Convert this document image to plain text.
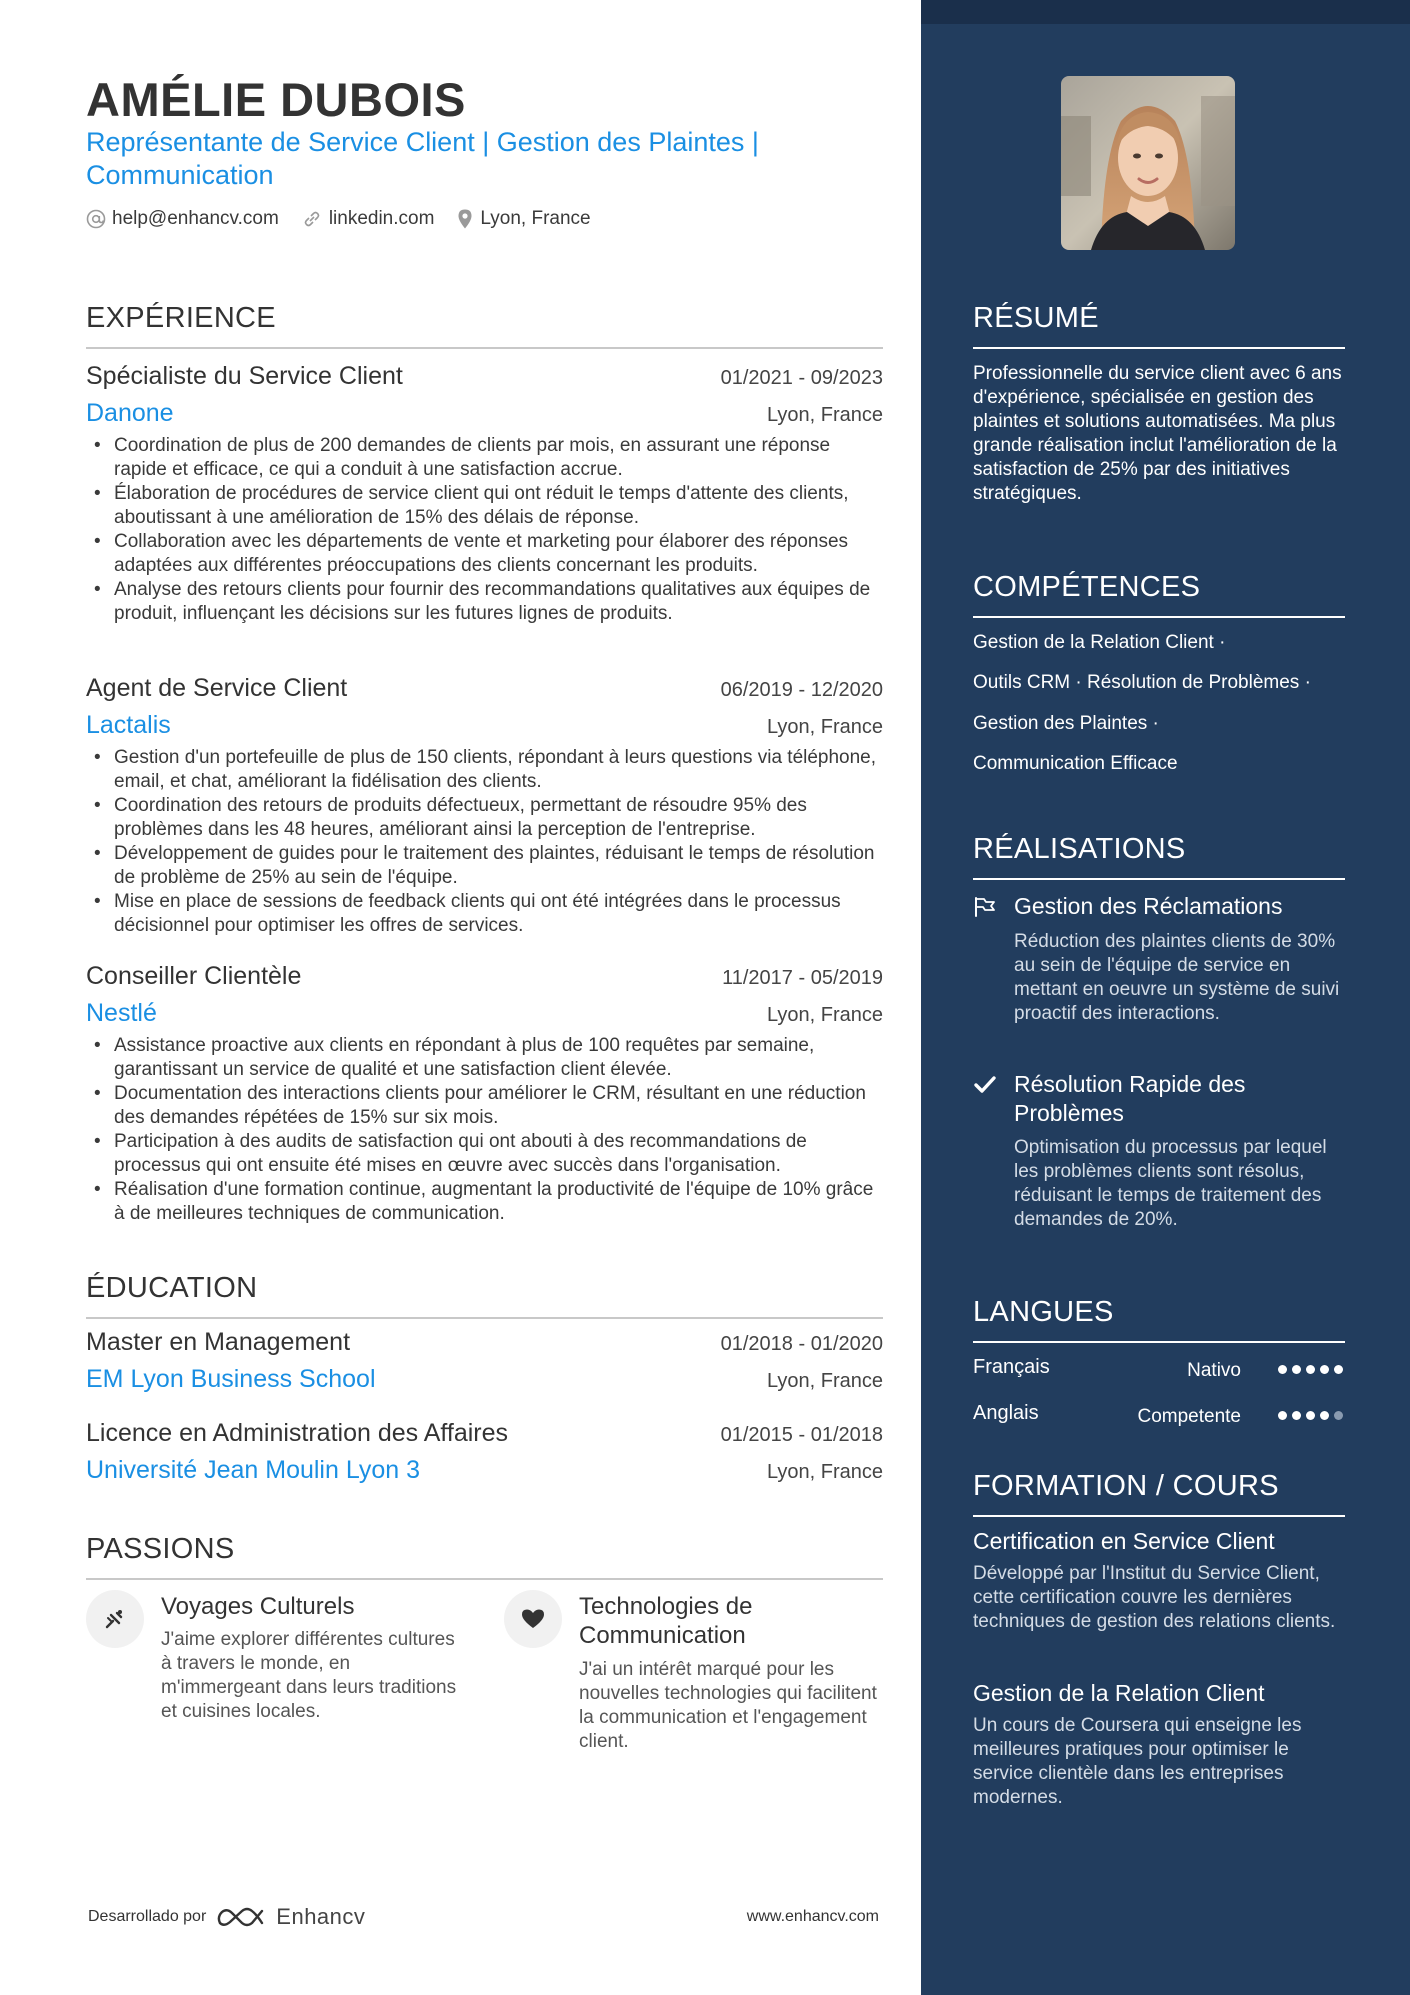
AMÉLIE DUBOIS
Représentante de Service Client | Gestion des Plaintes | Communication
help@enhancv.com	linkedin.com Lyon, France
EXPÉRIENCE
Spécialiste du Service Client	01/2021 - 09/2023
Danone	Lyon, France
• Coordination de plus de 200 demandes de clients par mois, en assurant une réponse rapide et efficace, ce qui a conduit à une satisfaction accrue.
• Élaboration de procédures de service client qui ont réduit le temps d'attente des clients, aboutissant à une amélioration de 15% des délais de réponse.
• Collaboration avec les départements de vente et marketing pour élaborer des réponses adaptées aux différentes préoccupations des clients concernant les produits.
• Analyse des retours clients pour fournir des recommandations qualitatives aux équipes de produit, influençant les décisions sur les futures lignes de produits.
Agent de Service Client	06/2019 - 12/2020
Lactalis	Lyon, France
• Gestion d'un portefeuille de plus de 150 clients, répondant à leurs questions via téléphone, email, et chat, améliorant la fidélisation des clients.
• Coordination des retours de produits défectueux, permettant de résoudre 95% des problèmes dans les 48 heures, améliorant ainsi la perception de l'entreprise.
• Développement de guides pour le traitement des plaintes, réduisant le temps de résolution de problème de 25% au sein de l'équipe.
• Mise en place de sessions de feedback clients qui ont été intégrées dans le processus décisionnel pour optimiser les offres de services.
Conseiller Clientèle	11/2017 - 05/2019
Nestlé	Lyon, France
• Assistance proactive aux clients en répondant à plus de 100 requêtes par semaine, garantissant un service de qualité et une satisfaction client élevée.
• Documentation des interactions clients pour améliorer le CRM, résultant en une réduction des demandes répétées de 15% sur six mois.
• Participation à des audits de satisfaction qui ont abouti à des recommandations de processus qui ont ensuite été mises en œuvre avec succès dans l'organisation.
• Réalisation d'une formation continue, augmentant la productivité de l'équipe de 10% grâce à de meilleures techniques de communication.
ÉDUCATION
Master en Management	01/2018 - 01/2020
EM Lyon Business School	Lyon, France
Licence en Administration des Affaires	01/2015 - 01/2018
Université Jean Moulin Lyon 3	Lyon, France
PASSIONS
Voyages Culturels
J'aime explorer différentes cultures à travers le monde, en m'immergeant dans leurs traditions et cuisines locales.
Technologies de Communication
J'ai un intérêt marqué pour les nouvelles technologies qui facilitent la communication et l'engagement client.
Desarrollado por	Enhancv	www.enhancv.com
RÉSUMÉ
Professionnelle du service client avec 6 ans d'expérience, spécialisée en gestion des plaintes et solutions automatisées. Ma plus grande réalisation inclut l'amélioration de la satisfaction de 25% par des initiatives stratégiques.
COMPÉTENCES
Gestion de la Relation Client ·
Outils CRM · Résolution de Problèmes ·
Gestion des Plaintes ·
Communication Efficace
RÉALISATIONS
Gestion des Réclamations
Réduction des plaintes clients de 30% au sein de l'équipe de service en mettant en oeuvre un système de suivi proactif des interactions.
Résolution Rapide des Problèmes
Optimisation du processus par lequel les problèmes clients sont résolus, réduisant le temps de traitement des demandes de 20%.
LANGUES
Français	Nativo
Anglais	Competente
FORMATION / COURS
Certification en Service Client
Développé par l'Institut du Service Client, cette certification couvre les dernières techniques de gestion des relations clients.
Gestion de la Relation Client
Un cours de Coursera qui enseigne les meilleures pratiques pour optimiser le service clientèle dans les entreprises modernes.
